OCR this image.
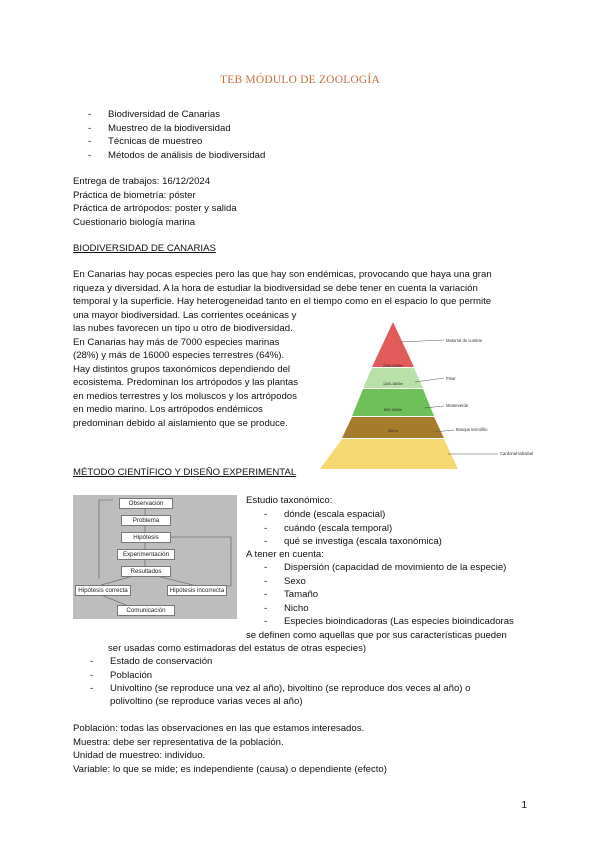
TEB MÓDULO DE ZOOLOGÍA
- Biodiversidad de Canarias
- Muestreo de la biodiversidad
- Técnicas de muestreo
- Métodos de análisis de biodiversidad
Entrega de trabajos: 16/12/2024
Práctica de biometría: póster
Práctica de artrópodos: poster y salida
Cuestionario biología marina
BIODIVERSIDAD DE CANARIAS
En Canarias hay pocas especies pero las que hay son endémicas, provocando que haya una gran
riqueza y diversidad. A la hora de estudiar la biodiversidad se debe tener en cuenta la variación
temporal y la superficie. Hay heterogeneidad tanto en el tiempo como en el espacio lo que permite
una mayor biodiversidad. Las corrientes oceánicas y
las nubes favorecen un tipo u otro de biodiversidad.
En Canarias hay más de 7000 especies marinas
(28%) y más de 16000 especies terrestres (64%).
Hay distintos grupos taxonómicos dependiendo del
ecosistema. Predominan los artrópodos y las plantas
en medios terrestres y los moluscos y los artrópodos
en medio marino. Los artrópodos endémicos
predominan debido al aislamiento que se produce.
2200-2400m
1200-1800m
600-1000m
300 m
Matorral de cumbre
Pinar
Monteverde
Bosque termófilo
Cardonal-tabaibal
MÉTODO CIENTÍFICO Y DISEÑO EXPERIMENTAL
Observación
Problema
Hipótesis
Experimentación
Resultados
Hipótesis correcta	Hipótesis incorrecta
Comunicación
Estudio taxonómico:
- dónde (escala espacial)
- cuándo (escala temporal)
- qué se investiga (escala taxonómica)
A tener en cuenta:
- Dispersión (capacidad de movimiento de la especie)
- Sexo
- Tamaño
- Nicho
- Especies bioindicadoras (Las especies bioindicadoras
se definen como aquellas que por sus características pueden
ser usadas como estimadoras del estatus de otras especies)
- Estado de conservación
- Población
- Univoltino (se reproduce una vez al año), bivoltino (se reproduce dos veces al año) o
polivoltino (se reproduce varias veces al año)
Población: todas las observaciones en las que estamos interesados.
Muestra: debe ser representativa de la población.
Unidad de muestreo: individuo.
Variable: lo que se mide; es independiente (causa) o dependiente (efecto)
1
